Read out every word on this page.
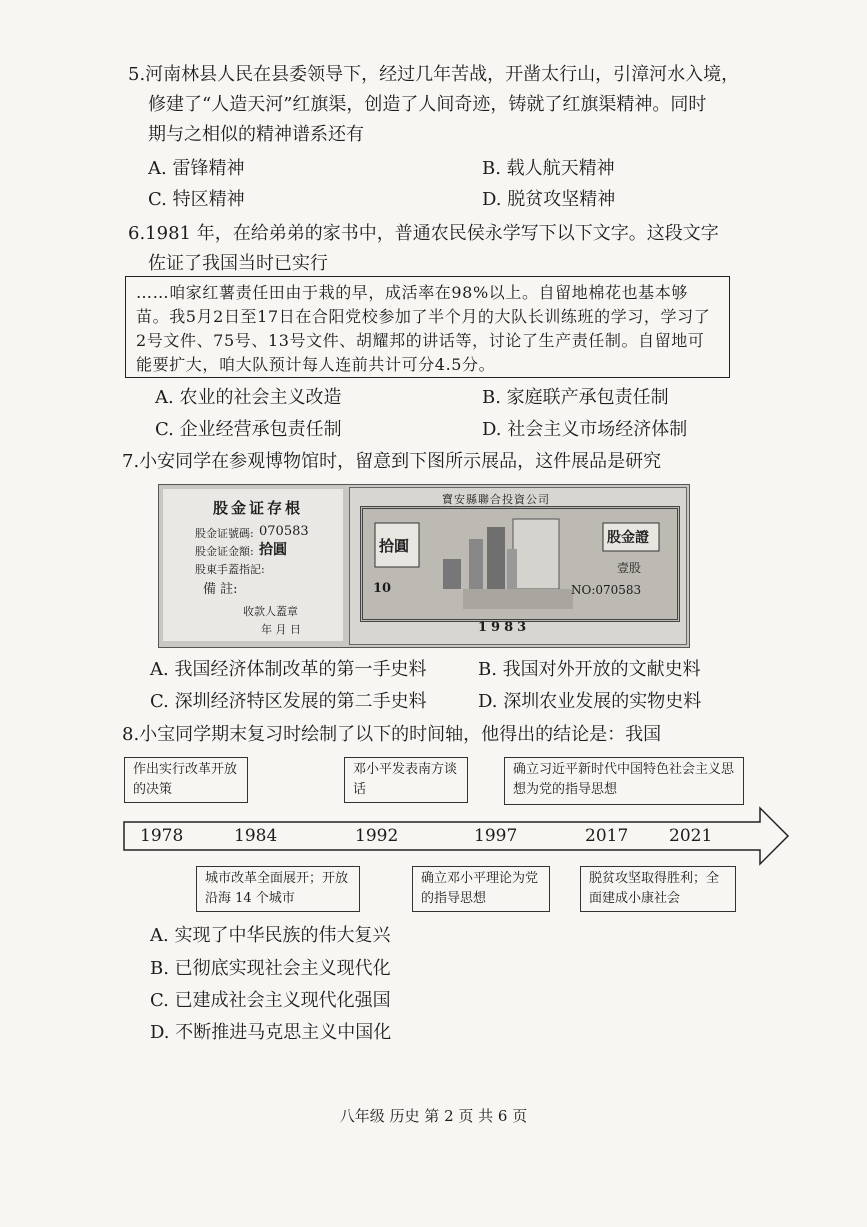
5.河南林县人民在县委领导下，经过几年苦战，开凿太行山，引漳河水入境，
修建了“人造天河”红旗渠，创造了人间奇迹，铸就了红旗渠精神。同时
期与之相似的精神谱系还有
A. 雷锋精神	B. 载人航天精神
C. 特区精神	D. 脱贫攻坚精神
6.1981 年，在给弟弟的家书中，普通农民侯永学写下以下文字。这段文字
佐证了我国当时已实行
……咱家红薯责任田由于栽的早，成活率在98%以上。自留地棉花也基本够苗。我5月2日至17日在合阳党校参加了半个月的大队长训练班的学习，学习了2号文件、75号、13号文件、胡耀邦的讲话等，讨论了生产责任制。自留地可能要扩大，咱大队预计每人连前共计可分4.5分。
A. 农业的社会主义改造	B. 家庭联产承包责任制
C. 企业经营承包责任制	D. 社会主义市场经济体制
7.小安同学在参观博物馆时，留意到下图所示展品，这件展品是研究
股金证存根
股金证號碼: 070583
股金证金額: 拾圓
股東手蓋指記:
備 註:
收款人蓋章
年 月 日
寶安縣聯合投資公司
拾圓	股金證
壹股
NO:070583
10
1983
A. 我国经济体制改革的第一手史料	B. 我国对外开放的文献史料
C. 深圳经济特区发展的第二手史料	D. 深圳农业发展的实物史料
8.小宝同学期末复习时绘制了以下的时间轴，他得出的结论是：我国
作出实行改革开放的决策
邓小平发表南方谈话
确立习近平新时代中国特色社会主义思想为党的指导思想
1978	1984	1992	1997	2017 2021
城市改革全面展开；开放沿海 14 个城市
确立邓小平理论为党的指导思想
脱贫攻坚取得胜利；全面建成小康社会
A. 实现了中华民族的伟大复兴
B. 已彻底实现社会主义现代化
C. 已建成社会主义现代化强国
D. 不断推进马克思主义中国化
八年级 历史 第 2 页 共 6 页
